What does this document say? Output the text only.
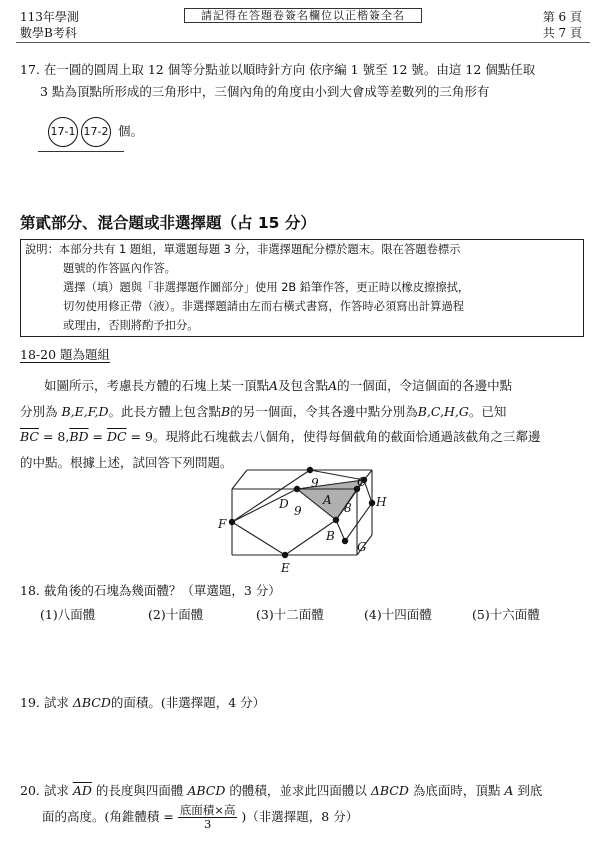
113年學測
數學B考科
請記得在答題卷簽名欄位以正楷簽全名	第 6 頁
共 7 頁
17. 在一圓的圓周上取 12 個等分點並以順時針方向 依序編 1 號至 12 號。由這 12 個點任取
3 點為頂點所形成的三角形中，三個內角的角度由小到大會成等差數列的三角形有
17-1 17-2 個。
第貳部分、混合題或非選擇題（占 15 分）
說明：本部分共有 1 題組，單選題每題 3 分，非選擇題配分標於題末。限在答題卷標示
題號的作答區內作答。
選擇（填）題與「非選擇題作圖部分」使用 2B 鉛筆作答，更正時以橡皮擦擦拭，
切勿使用修正帶（液）。非選擇題請由左而右橫式書寫，作答時必須寫出計算過程
或理由，否則將酌予扣分。
18-20 題為題組
如圖所示，考慮長方體的石塊上某一頂點A及包含點A的一個面，令這個面的各邊中點
分別為 B,E,F,D。此長方體上包含點B的另一個面，令其各邊中點分別為B,C,H,G。已知
$\overline{BC} = 8,\overline{BD} = \overline{DC} = 9$。現將此石塊截去八個角，使得每個截角的截面恰通過該截角之三鄰邊
的中點。根據上述，試回答下列問題。
9
9	8
C
D	A	H
F
B
G
E
18. 截角後的石塊為幾面體？（單選題，3 分）
(1)八面體	(2)十面體	(3)十二面體	(4)十四面體	(5)十六面體
19. 試求 ΔBCD的面積。(非選擇題，4 分）
20. 試求 $\overline{AD}$ 的長度與四面體 ABCD 的體積，並求此四面體以 ΔBCD 為底面時，頂點 A 到底
面的高度。(角錐體積 = $\frac{\text{底面積×高}}{3}$ )（非選擇題，8 分）
